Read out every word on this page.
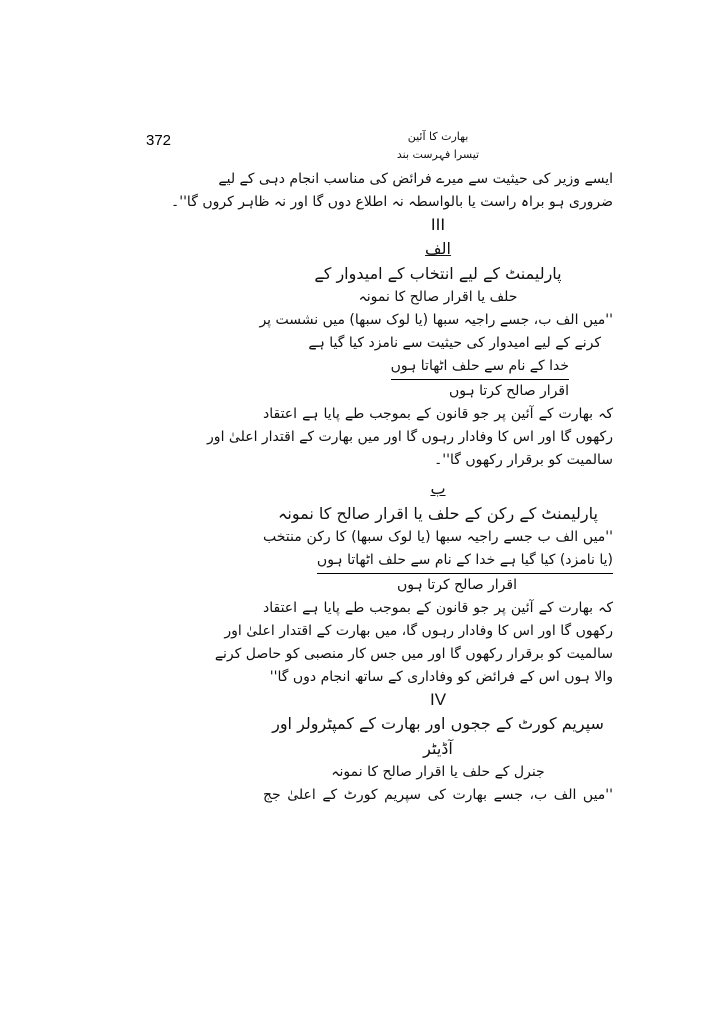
372	بھارت کا آئین
تیسرا فہرست بند
ایسے وزیر کی حیثیت سے میرے فرائض کی مناسب انجام دہی کے لیے
ضروری ہو براہ راست یا بالواسطہ نہ اطلاع دوں گا اور نہ ظاہر کروں گا''۔
III
الف
پارلیمنٹ کے لیے انتخاب کے امیدوار کے
حلف یا اقرار صالح کا نمونہ
''میں الف ب، جسے راجیہ سبھا (یا لوک سبھا) میں نشست پر
کرنے کے لیے امیدوار کی حیثیت سے نامزد کیا گیا ہے
خدا کے نام سے حلف اٹھاتا ہوں
اقرار صالح کرتا ہوں
کہ بھارت کے آئین پر جو قانون کے بموجب طے پایا ہے اعتقاد
رکھوں گا اور اس کا وفادار رہوں گا اور میں بھارت کے اقتدار اعلیٰ اور
سالمیت کو برقرار رکھوں گا''۔
ب
پارلیمنٹ کے رکن کے حلف یا اقرار صالح کا نمونہ
''میں الف ب جسے راجیہ سبھا (یا لوک سبھا) کا رکن منتخب
(یا نامزد) کیا گیا ہے خدا کے نام سے حلف اٹھاتا ہوں
اقرار صالح کرتا ہوں
کہ بھارت کے آئین پر جو قانون کے بموجب طے پایا ہے اعتقاد
رکھوں گا اور اس کا وفادار رہوں گا، میں بھارت کے اقتدار اعلیٰ اور
سالمیت کو برقرار رکھوں گا اور میں جس کار منصبی کو حاصل کرنے
والا ہوں اس کے فرائض کو وفاداری کے ساتھ انجام دوں گا''
IV
سپریم کورٹ کے ججوں اور بھارت کے کمپٹرولر اور آڈیٹر
جنرل کے حلف یا اقرار صالح کا نمونہ
''میں الف ب، جسے بھارت کی سپریم کورٹ کے اعلیٰ جج
